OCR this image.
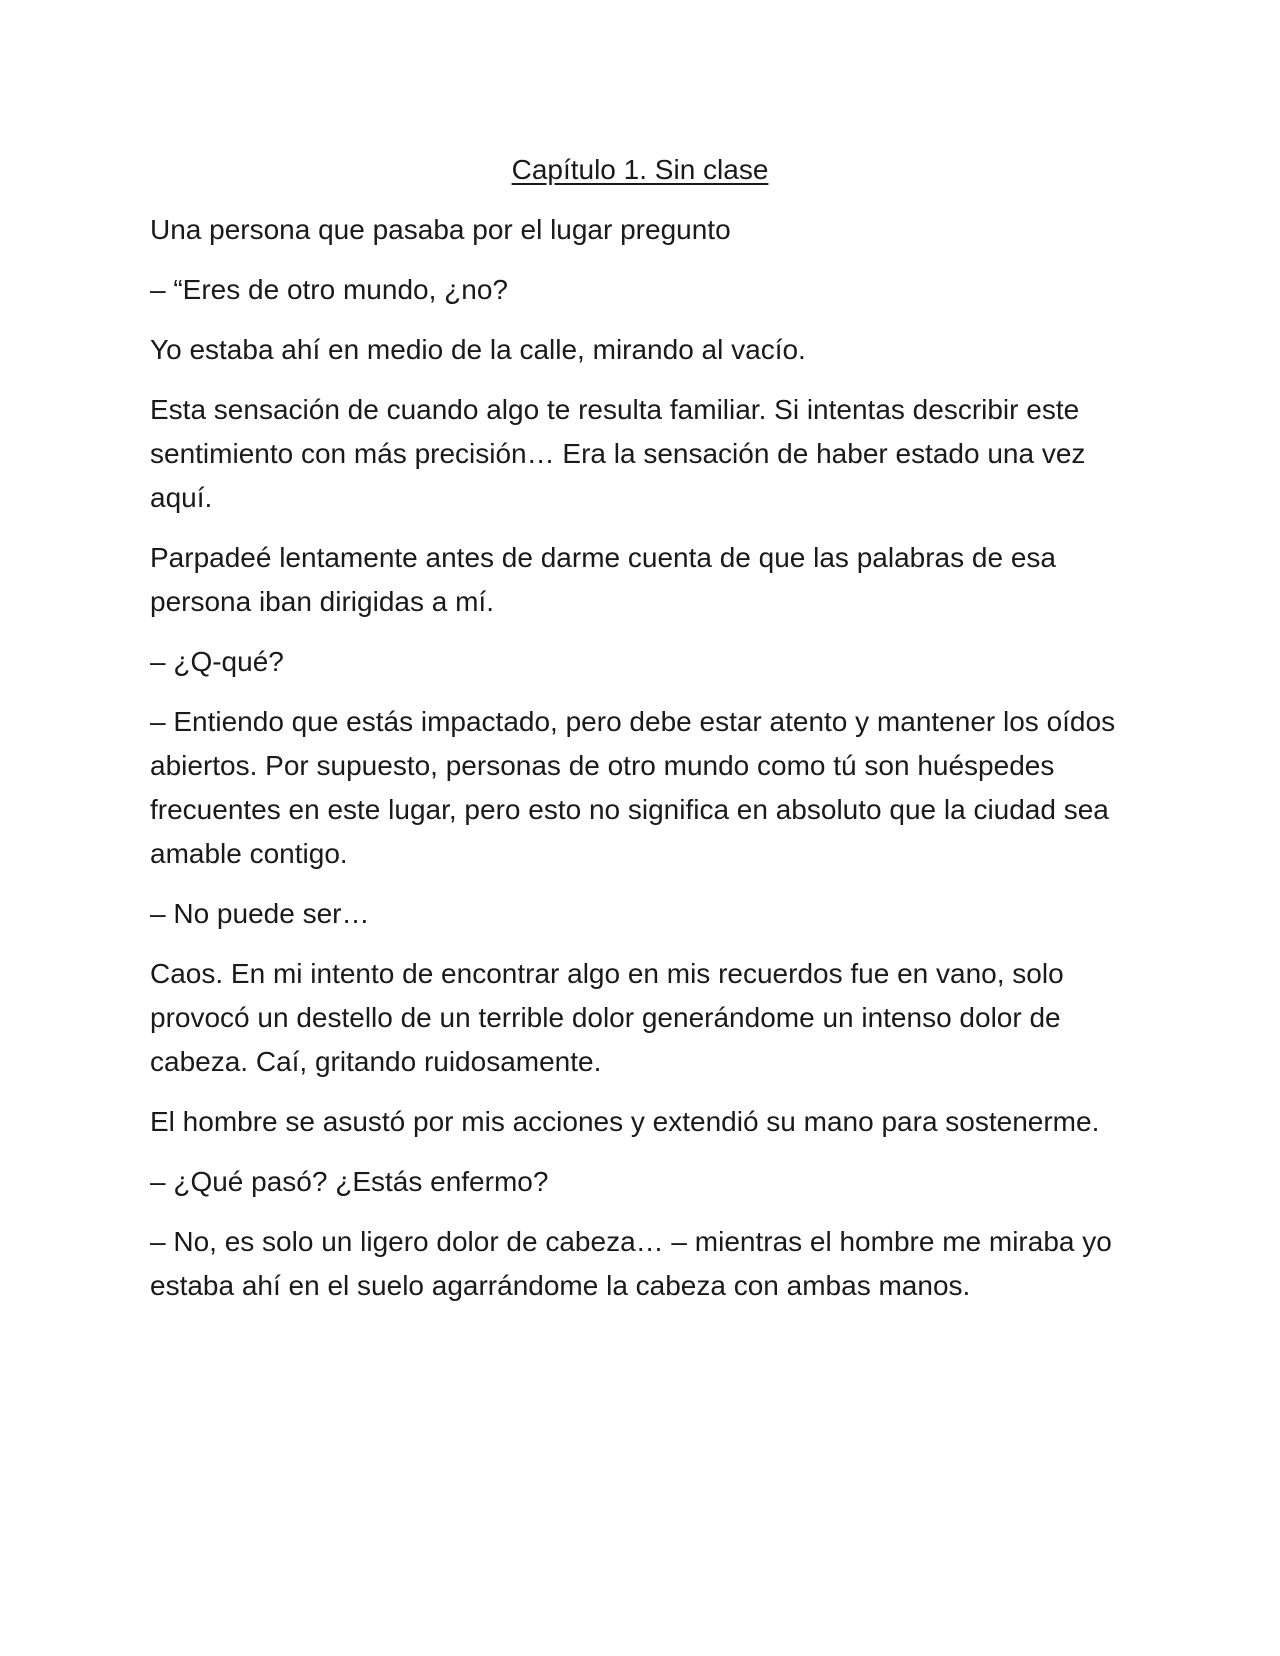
Capítulo 1. Sin clase

Una persona que pasaba por el lugar pregunto

– “Eres de otro mundo, ¿no?

Yo estaba ahí en medio de la calle, mirando al vacío.

Esta sensación de cuando algo te resulta familiar. Si intentas describir este sentimiento con más precisión… Era la sensación de haber estado una vez aquí.

Parpadeé lentamente antes de darme cuenta de que las palabras de esa persona iban dirigidas a mí.

– ¿Q-qué?

– Entiendo que estás impactado, pero debe estar atento y mantener los oídos abiertos. Por supuesto, personas de otro mundo como tú son huéspedes frecuentes en este lugar, pero esto no significa en absoluto que la ciudad sea amable contigo.

– No puede ser…

Caos. En mi intento de encontrar algo en mis recuerdos fue en vano, solo provocó un destello de un terrible dolor generándome un intenso dolor de cabeza. Caí, gritando ruidosamente.

El hombre se asustó por mis acciones y extendió su mano para sostenerme.

– ¿Qué pasó? ¿Estás enfermo?

– No, es solo un ligero dolor de cabeza… – mientras el hombre me miraba yo estaba ahí en el suelo agarrándome la cabeza con ambas manos.
